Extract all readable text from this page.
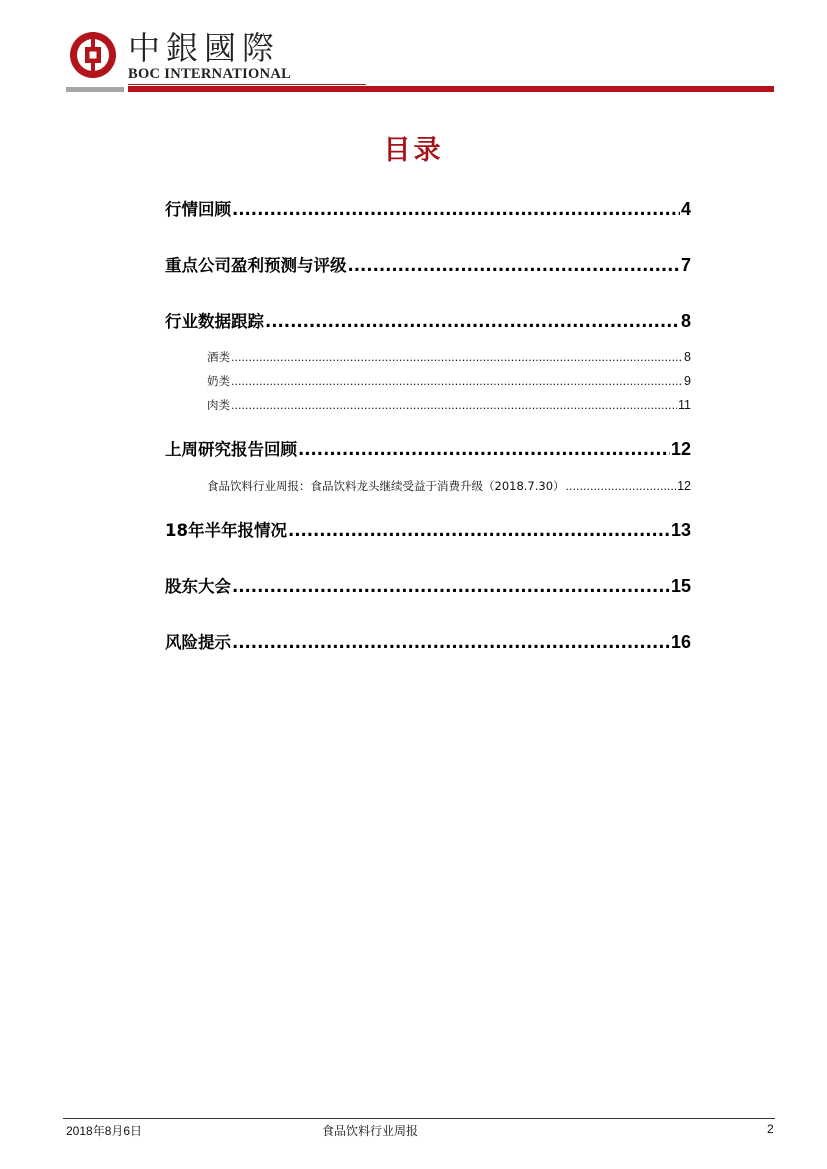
中銀國際
BOC INTERNATIONAL
目录
行情回顾 .....	4
重点公司盈利预测与评级 .....	7
行业数据跟踪 .....	8
酒类 .....	8
奶类 .....	9
肉类 .....	11
上周研究报告回顾 .....	12
食品饮料行业周报：食品饮料龙头继续受益于消费升级（2018.7.30） .....	12
18年半年报情况 .....	13
股东大会 .....	15
风险提示 .....	16
2018年8月6日	食品饮料行业周报	2
